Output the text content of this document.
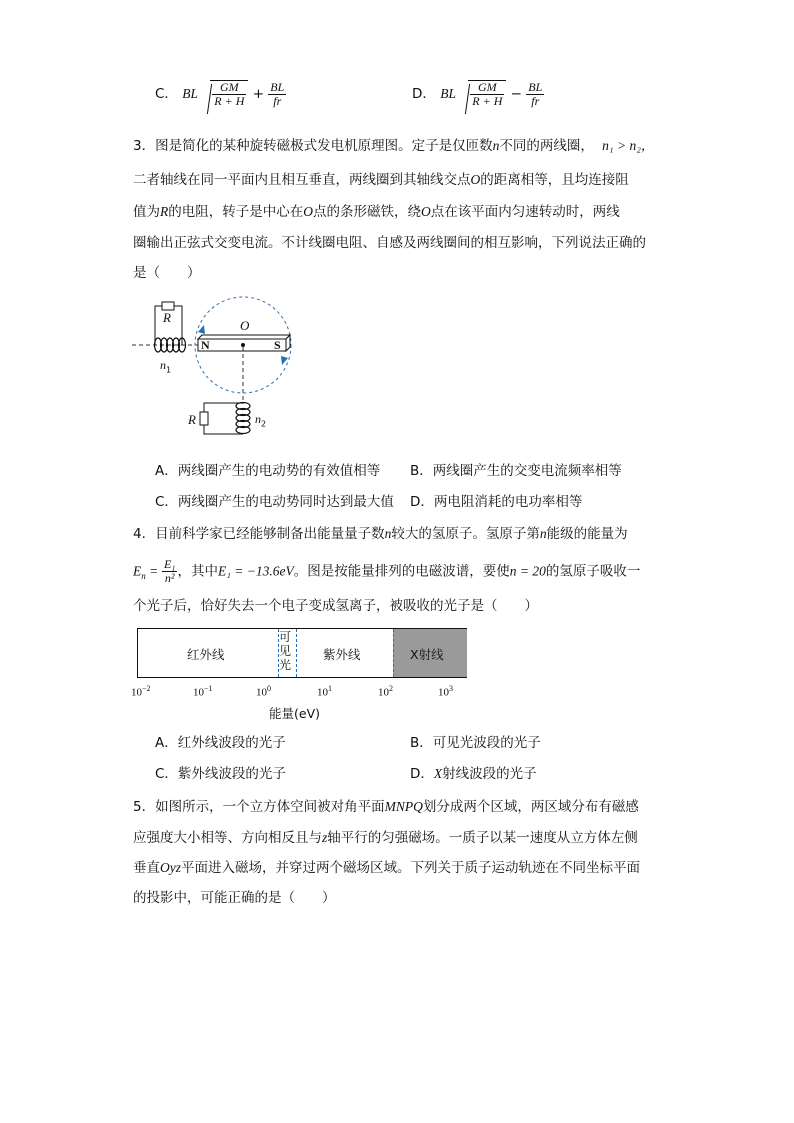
C． BL $\frac{GM}{R + H} + \frac{BL}{fr}$	D． BL $\frac{GM}{R + H} - \frac{BL}{fr}$
3．图是简化的某种旋转磁极式发电机原理图。定子是仅匝数n不同的两线圈， n₁ > n₂，
二者轴线在同一平面内且相互垂直，两线圈到其轴线交点O的距离相等，且均连接阻
值为R的电阻，转子是中心在O点的条形磁铁，绕O点在该平面内匀速转动时，两线
圈输出正弦式交变电流。不计线圈电阻、自感及两线圈间的相互影响，下列说法正确的
是（　　）
R
O
N	S
$n_1$
R	$n_2$
A．两线圈产生的电动势的有效值相等 B．两线圈产生的交变电流频率相等
C．两线圈产生的电动势同时达到最大值 D．两电阻消耗的电功率相等
4．目前科学家已经能够制备出能量量子数n较大的氢原子。氢原子第n能级的能量为
$E_n = \frac{\text{E₁}}{\text{n²}}$ ，其中E₁ = −13.6eV。图是按能量排列的电磁波谱，要使n = 20的氢原子吸收一
个光子后，恰好失去一个电子变成氢离子，被吸收的光子是（　　）
红外线
可
见
光
紫外线	X射线
$10^{-2}$	$10^{-1}$	$10^0$	$10^1$	$10^2$	$10^3$
能量(eV)
A．红外线波段的光子	B．可见光波段的光子
C．紫外线波段的光子	D．X射线波段的光子
5．如图所示，一个立方体空间被对角平面MNPQ划分成两个区域，两区域分布有磁感
应强度大小相等、方向相反且与z轴平行的匀强磁场。一质子以某一速度从立方体左侧
垂直Oyz平面进入磁场，并穿过两个磁场区域。下列关于质子运动轨迹在不同坐标平面
的投影中，可能正确的是（　　）
